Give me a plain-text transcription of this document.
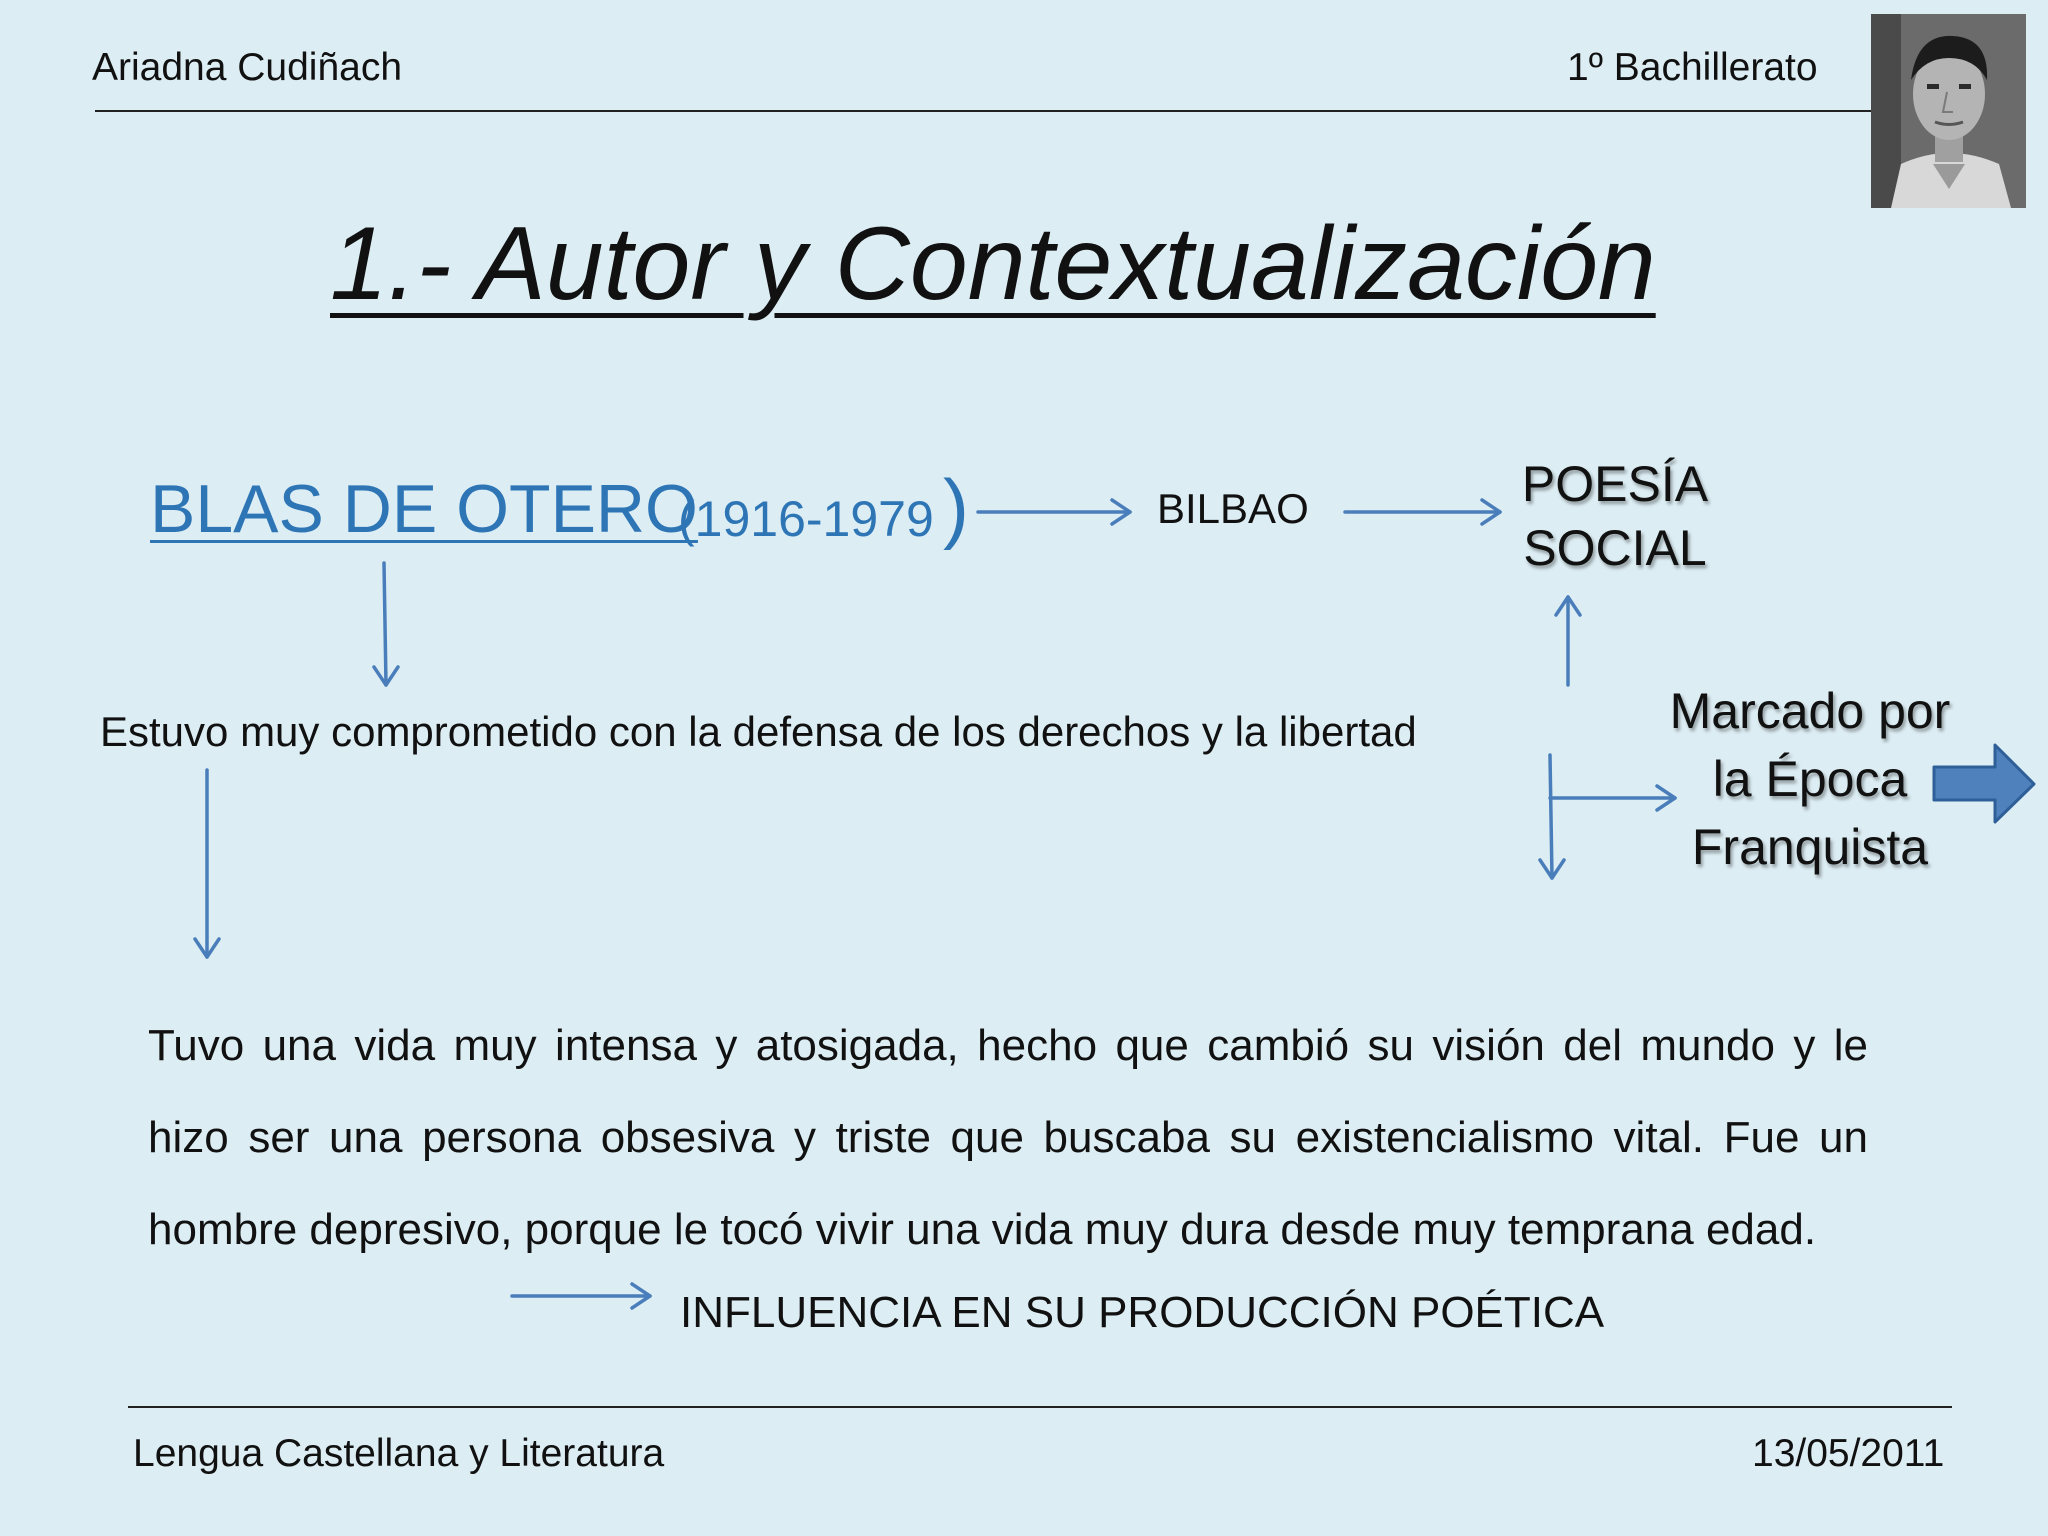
Ariadna Cudiñach	1º Bachillerato
1.- Autor y Contextualización
BLAS DE OTERO
(1916-1979 )	BILBAO	POESÍA
SOCIAL
Estuvo muy comprometido con la defensa de los derechos y la libertad	Marcado por
la Época
Franquista
Tuvo una vida muy intensa y atosigada, hecho que cambió su visión del mundo y le hizo ser una persona obsesiva y triste que buscaba su existencialismo vital. Fue un hombre depresivo, porque le tocó vivir una vida muy dura desde muy temprana edad.
INFLUENCIA EN SU PRODUCCIÓN POÉTICA
Lengua Castellana y Literatura	13/05/2011
